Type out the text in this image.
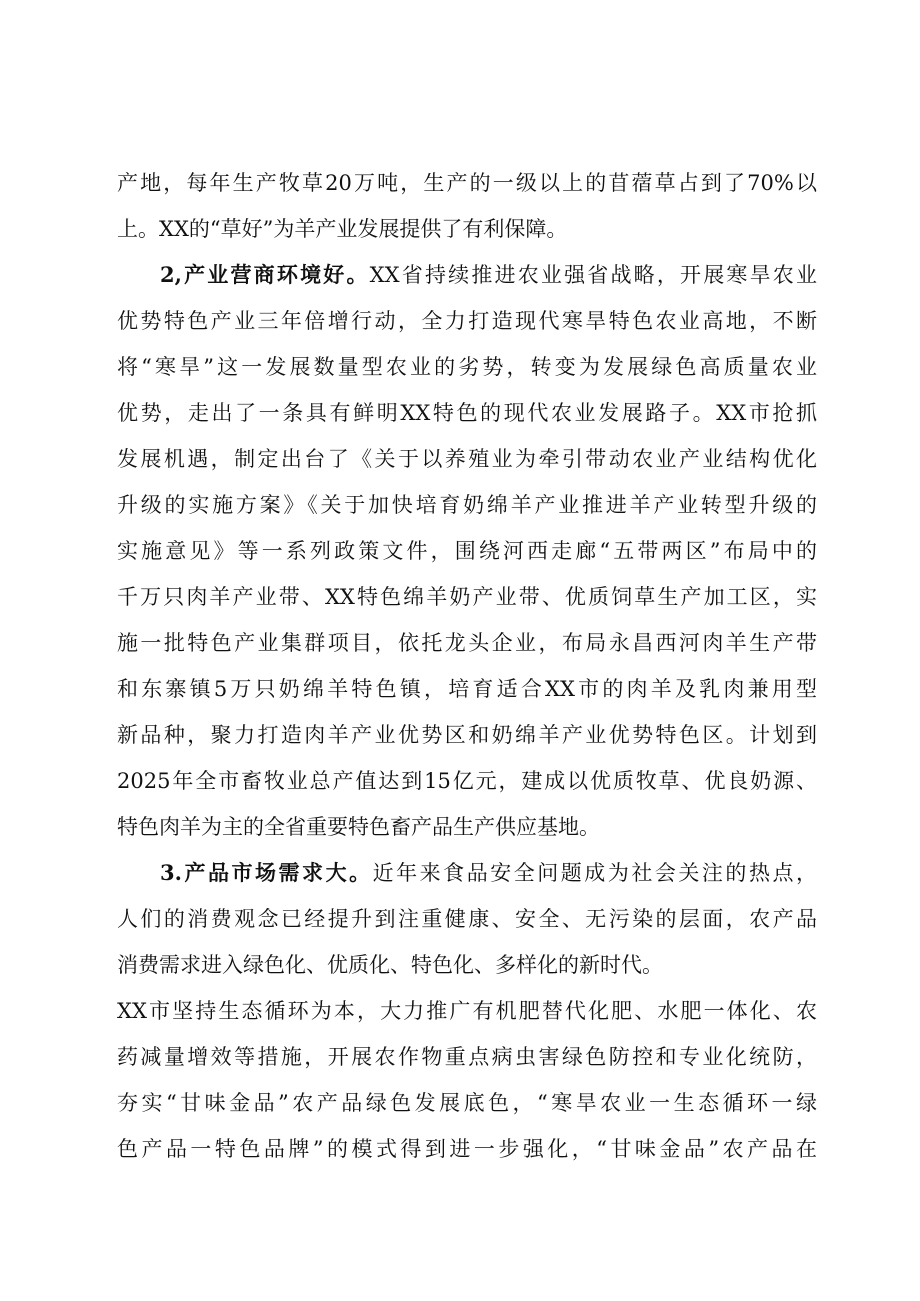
产地，每年生产牧草20万吨，生产的一级以上的苜蓿草占到了70%以
上。XX的“草好”为羊产业发展提供了有利保障。
2,产业营商环境好。XX省持续推进农业强省战略，开展寒旱农业
优势特色产业三年倍增行动，全力打造现代寒旱特色农业高地，不断
将“寒旱”这一发展数量型农业的劣势，转变为发展绿色高质量农业
优势，走出了一条具有鲜明XX特色的现代农业发展路子。XX市抢抓
发展机遇，制定出台了《关于以养殖业为牵引带动农业产业结构优化
升级的实施方案》《关于加快培育奶绵羊产业推进羊产业转型升级的
实施意见》等一系列政策文件，围绕河西走廊“五带两区”布局中的
千万只肉羊产业带、XX特色绵羊奶产业带、优质饲草生产加工区，实
施一批特色产业集群项目，依托龙头企业，布局永昌西河肉羊生产带
和东寨镇5万只奶绵羊特色镇，培育适合XX市的肉羊及乳肉兼用型
新品种，聚力打造肉羊产业优势区和奶绵羊产业优势特色区。计划到
2025年全市畜牧业总产值达到15亿元，建成以优质牧草、优良奶源、
特色肉羊为主的全省重要特色畜产品生产供应基地。
3.产品市场需求大。近年来食品安全问题成为社会关注的热点，
人们的消费观念已经提升到注重健康、安全、无污染的层面，农产品
消费需求进入绿色化、优质化、特色化、多样化的新时代。
XX市坚持生态循环为本，大力推广有机肥替代化肥、水肥一体化、农
药减量增效等措施，开展农作物重点病虫害绿色防控和专业化统防，
夯实“甘味金品”农产品绿色发展底色，“寒旱农业一生态循环一绿
色产品一特色品牌”的模式得到进一步强化，“甘味金品”农产品在
